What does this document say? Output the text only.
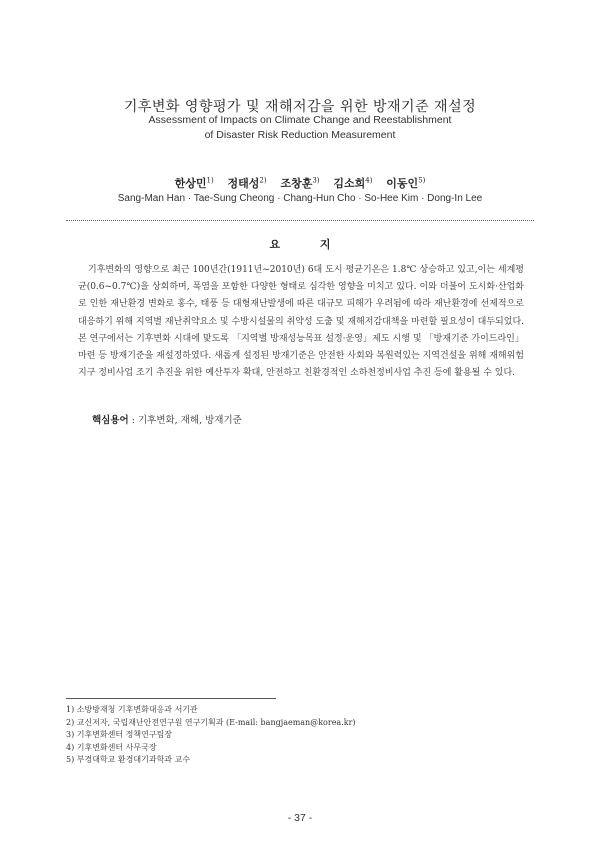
기후변화 영향평가 및 재해저감을 위한 방재기준 재설정
Assessment of Impacts on Climate Change and Reestablishment
of Disaster Risk Reduction Measurement
한상민$^{1)}$ 정태성$^{2)}$ 조창훈$^{3)}$ 김소희$^{4)}$ 이동인$^{5)}$
Sang-Man Han · Tae-Sung Cheong · Chang-Hun Cho · So-Hee Kim · Dong-In Lee
요 지
기후변화의 영향으로 최근 100년간(1911년~2010년) 6대 도시 평균기온은 1.8℃ 상승하고 있고,이는 세계평균(0.6~0.7℃)을 상회하며, 폭염을 포함한 다양한 형태로 심각한 영향을 미치고 있다. 이와 더불어 도시화·산업화로 인한 재난환경 변화로 홍수, 태풍 등 대형재난발생에 따른 대규모 피해가 우려됨에 따라 재난환경에 선제적으로 대응하기 위해 지역별 재난취약요소 및 수방시설물의 취약성 도출 및 재해저감대책을 마련할 필요성이 대두되었다. 본 연구에서는 기후변화 시대에 맞도록 「지역별 방재성능목표 설정·운영」제도 시행 및 「방재기준 가이드라인」마련 등 방재기준을 재설정하였다. 새롭게 설정된 방재기준은 안전한 사회와 복원력있는 지역건설을 위해 재해위험지구 정비사업 조기 추진을 위한 예산투자 확대, 안전하고 친환경적인 소하천정비사업 추진 등에 활용될 수 있다.
핵심용어 : 기후변화, 재해, 방재기준
1) 소방방재청 기후변화대응과 서기관
2) 교신저자, 국립재난안전연구원 연구기획과 (E-mail: bangjaeman@korea.kr)
3) 기후변화센터 정책연구팀장
4) 기후변화센터 사무국장
5) 부경대학교 환경대기과학과 교수
- 37 -
